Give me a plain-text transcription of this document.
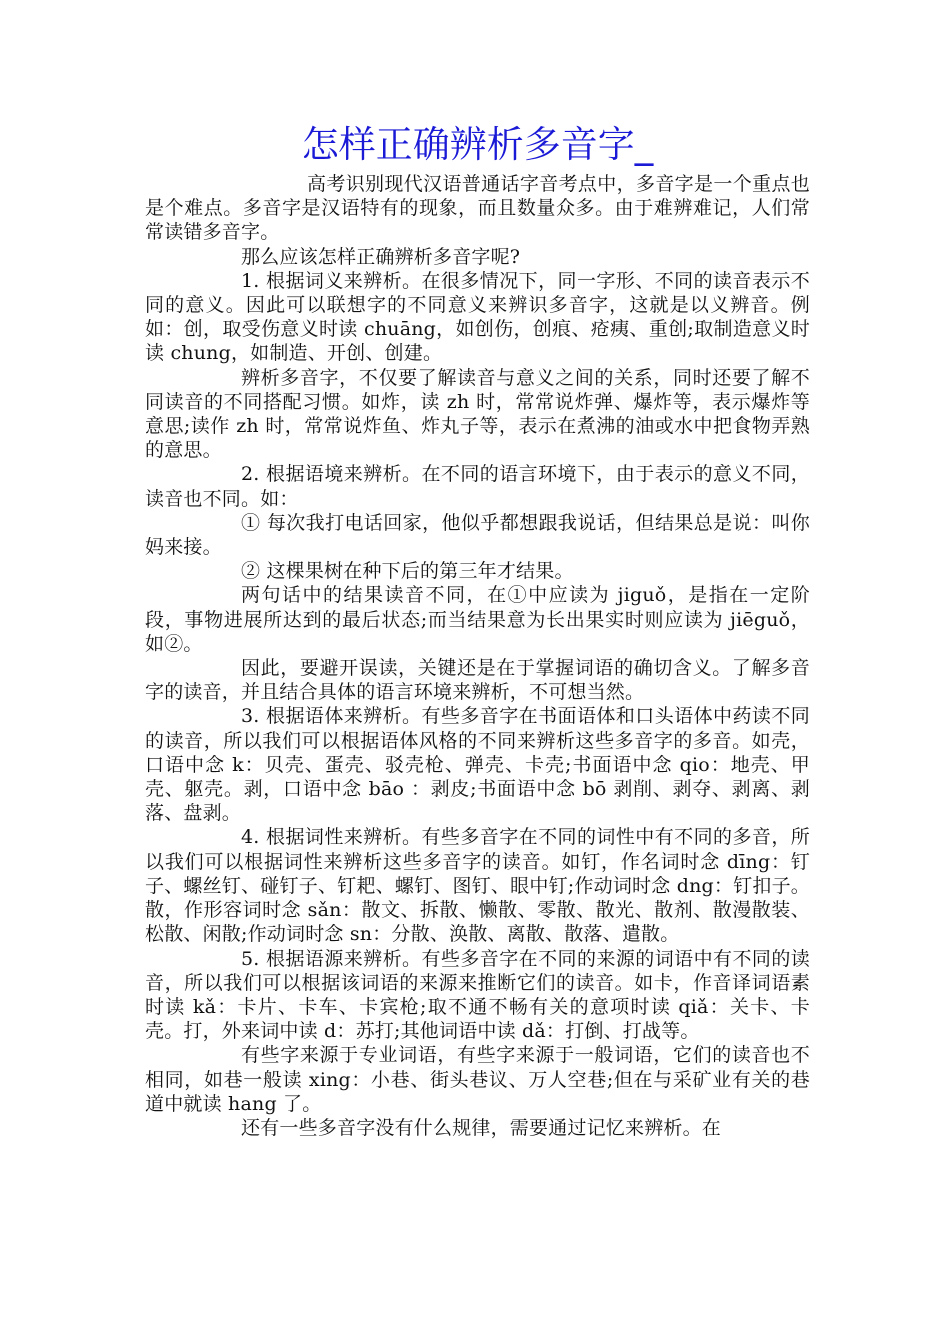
怎样正确辨析多音字_

高考识别现代汉语普通话字音考点中，多音字是一个重点也是个难点。多音字是汉语特有的现象，而且数量众多。由于难辨难记，人们常常读错多音字。

那么应该怎样正确辨析多音字呢?

1. 根据词义来辨析。在很多情况下，同一字形、不同的读音表示不同的意义。因此可以联想字的不同意义来辨识多音字，这就是以义辨音。例如：创，取受伤意义时读 chuāng，如创伤，创痕、疮痍、重创;取制造意义时读 chung，如制造、开创、创建。

辨析多音字，不仅要了解读音与意义之间的关系，同时还要了解不同读音的不同搭配习惯。如炸，读 zh 时，常常说炸弹、爆炸等，表示爆炸等意思;读作 zh 时，常常说炸鱼、炸丸子等，表示在煮沸的油或水中把食物弄熟的意思。

2. 根据语境来辨析。在不同的语言环境下，由于表示的意义不同，读音也不同。如：

① 每次我打电话回家，他似乎都想跟我说话，但结果总是说：叫你妈来接。

② 这棵果树在种下后的第三年才结果。

两句话中的结果读音不同，在①中应读为 jiguǒ，是指在一定阶段，事物进展所达到的最后状态;而当结果意为长出果实时则应读为 jiēguǒ，如②。

因此，要避开误读，关键还是在于掌握词语的确切含义。了解多音字的读音，并且结合具体的语言环境来辨析，不可想当然。

3. 根据语体来辨析。有些多音字在书面语体和口头语体中药读不同的读音，所以我们可以根据语体风格的不同来辨析这些多音字的多音。如壳，口语中念 k：贝壳、蛋壳、驳壳枪、弹壳、卡壳;书面语中念 qio：地壳、甲壳、躯壳。剥，口语中念 bāo ：剥皮;书面语中念 bō 剥削、剥夺、剥离、剥落、盘剥。

4. 根据词性来辨析。有些多音字在不同的词性中有不同的多音，所以我们可以根据词性来辨析这些多音字的读音。如钉，作名词时念 dīng：钉子、螺丝钉、碰钉子、钉耙、螺钉、图钉、眼中钉;作动词时念 dng：钉扣子。散，作形容词时念 sǎn：散文、拆散、懒散、零散、散光、散剂、散漫散装、松散、闲散;作动词时念 sn：分散、涣散、离散、散落、遣散。

5. 根据语源来辨析。有些多音字在不同的来源的词语中有不同的读音，所以我们可以根据该词语的来源来推断它们的读音。如卡，作音译词语素时读 kǎ：卡片、卡车、卡宾枪;取不通不畅有关的意项时读 qiǎ：关卡、卡壳。打，外来词中读 d：苏打;其他词语中读 dǎ：打倒、打战等。

有些字来源于专业词语，有些字来源于一般词语，它们的读音也不相同，如巷一般读 xing：小巷、街头巷议、万人空巷;但在与采矿业有关的巷道中就读 hang 了。

还有一些多音字没有什么规律，需要通过记忆来辨析。在
